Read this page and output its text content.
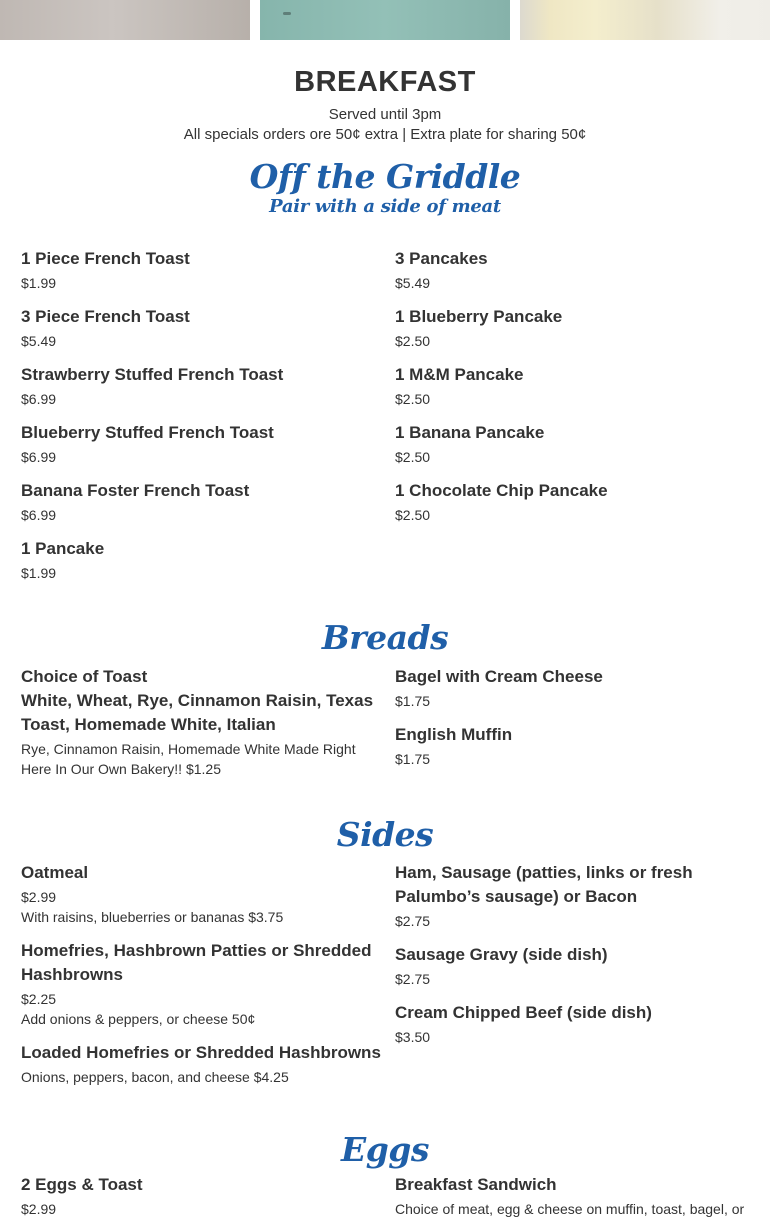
BREAKFAST
Served until 3pm
All specials orders ore 50¢ extra | Extra plate for sharing 50¢
Off the Griddle
Pair with a side of meat
1 Piece French Toast
$1.99
3 Piece French Toast
$5.49
Strawberry Stuffed French Toast
$6.99
Blueberry Stuffed French Toast
$6.99
Banana Foster French Toast
$6.99
1 Pancake
$1.99
3 Pancakes
$5.49
1 Blueberry Pancake
$2.50
1 M&M Pancake
$2.50
1 Banana Pancake
$2.50
1 Chocolate Chip Pancake
$2.50
Breads
Choice of Toast
White, Wheat, Rye, Cinnamon Raisin, Texas Toast, Homemade White, Italian
Rye, Cinnamon Raisin, Homemade White Made Right Here In Our Own Bakery!! $1.25
Bagel with Cream Cheese
$1.75
English Muffin
$1.75
Sides
Oatmeal
$2.99
With raisins, blueberries or bananas $3.75
Homefries, Hashbrown Patties or Shredded Hashbrowns
$2.25
Add onions & peppers, or cheese 50¢
Loaded Homefries or Shredded Hashbrowns
Onions, peppers, bacon, and cheese $4.25
Ham, Sausage (patties, links or fresh Palumbo’s sausage) or Bacon
$2.75
Sausage Gravy (side dish)
$2.75
Cream Chipped Beef (side dish)
$3.50
Eggs
2 Eggs & Toast
$2.99
Breakfast Sandwich
Choice of meat, egg & cheese on muffin, toast, bagel, or
